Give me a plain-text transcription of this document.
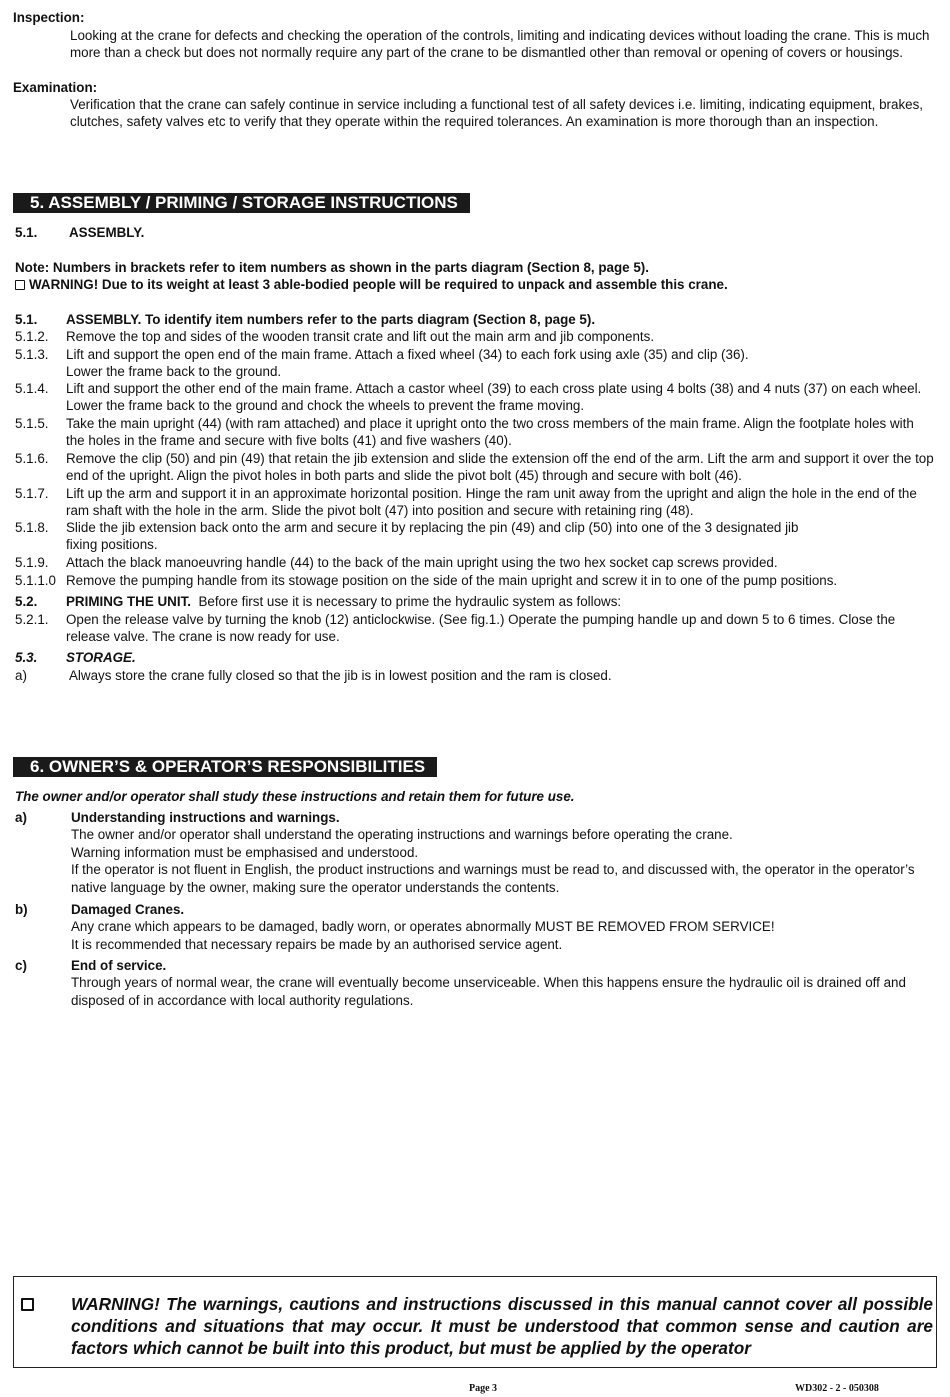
Inspection:
Looking at the crane for defects and checking the operation of the controls, limiting and indicating devices without loading the crane. This is much more than a check but does not normally require any part of the crane to be dismantled other than removal or opening of covers or housings.
Examination:
Verification that the crane can safely continue in service including a functional test of all safety devices i.e. limiting, indicating equipment, brakes, clutches, safety valves etc to verify that they operate within the required tolerances. An examination is more thorough than an inspection.
5. ASSEMBLY / PRIMING / STORAGE INSTRUCTIONS
5.1. ASSEMBLY.
Note: Numbers in brackets refer to item numbers as shown in the parts diagram (Section 8, page 5).
WARNING! Due to its weight at least 3 able-bodied people will be required to unpack and assemble this crane.
5.1. ASSEMBLY. To identify item numbers refer to the parts diagram (Section 8, page 5).
5.1.2. Remove the top and sides of the wooden transit crate and lift out the main arm and jib components.
5.1.3. Lift and support the open end of the main frame. Attach a fixed wheel (34) to each fork using axle (35) and clip (36).
Lower the frame back to the ground.
5.1.4. Lift and support the other end of the main frame. Attach a castor wheel (39) to each cross plate using 4 bolts (38) and 4 nuts (37) on each wheel. Lower the frame back to the ground and chock the wheels to prevent the frame moving.
5.1.5. Take the main upright (44) (with ram attached) and place it upright onto the two cross members of the main frame. Align the footplate holes with the holes in the frame and secure with five bolts (41) and five washers (40).
5.1.6. Remove the clip (50) and pin (49) that retain the jib extension and slide the extension off the end of the arm. Lift the arm and support it over the top end of the upright. Align the pivot holes in both parts and slide the pivot bolt (45) through and secure with bolt (46).
5.1.7. Lift up the arm and support it in an approximate horizontal position. Hinge the ram unit away from the upright and align the hole in the end of the ram shaft with the hole in the arm. Slide the pivot bolt (47) into position and secure with retaining ring (48).
5.1.8. Slide the jib extension back onto the arm and secure it by replacing the pin (49) and clip (50) into one of the 3 designated jib
fixing positions.
5.1.9. Attach the black manoeuvring handle (44) to the back of the main upright using the two hex socket cap screws provided.
5.1.1.0 Remove the pumping handle from its stowage position on the side of the main upright and screw it in to one of the pump positions.
5.2. PRIMING THE UNIT. Before first use it is necessary to prime the hydraulic system as follows:
5.2.1. Open the release valve by turning the knob (12) anticlockwise. (See fig.1.) Operate the pumping handle up and down 5 to 6 times. Close the release valve. The crane is now ready for use.
5.3. STORAGE.
a)	Always store the crane fully closed so that the jib is in lowest position and the ram is closed.
6. OWNER’S & OPERATOR’S RESPONSIBILITIES
The owner and/or operator shall study these instructions and retain them for future use.
a)	Understanding instructions and warnings.
The owner and/or operator shall understand the operating instructions and warnings before operating the crane.
Warning information must be emphasised and understood.
If the operator is not fluent in English, the product instructions and warnings must be read to, and discussed with, the operator in the operator’s native language by the owner, making sure the operator understands the contents.
b)	Damaged Cranes.
Any crane which appears to be damaged, badly worn, or operates abnormally MUST BE REMOVED FROM SERVICE!
It is recommended that necessary repairs be made by an authorised service agent.
c)	End of service.
Through years of normal wear, the crane will eventually become unserviceable. When this happens ensure the hydraulic oil is drained off and disposed of in accordance with local authority regulations.
WARNING! The warnings, cautions and instructions discussed in this manual cannot cover all possible conditions and situations that may occur. It must be understood that common sense and caution are factors which cannot be built into this product, but must be applied by the operator
Page 3	WD302 - 2 - 050308
